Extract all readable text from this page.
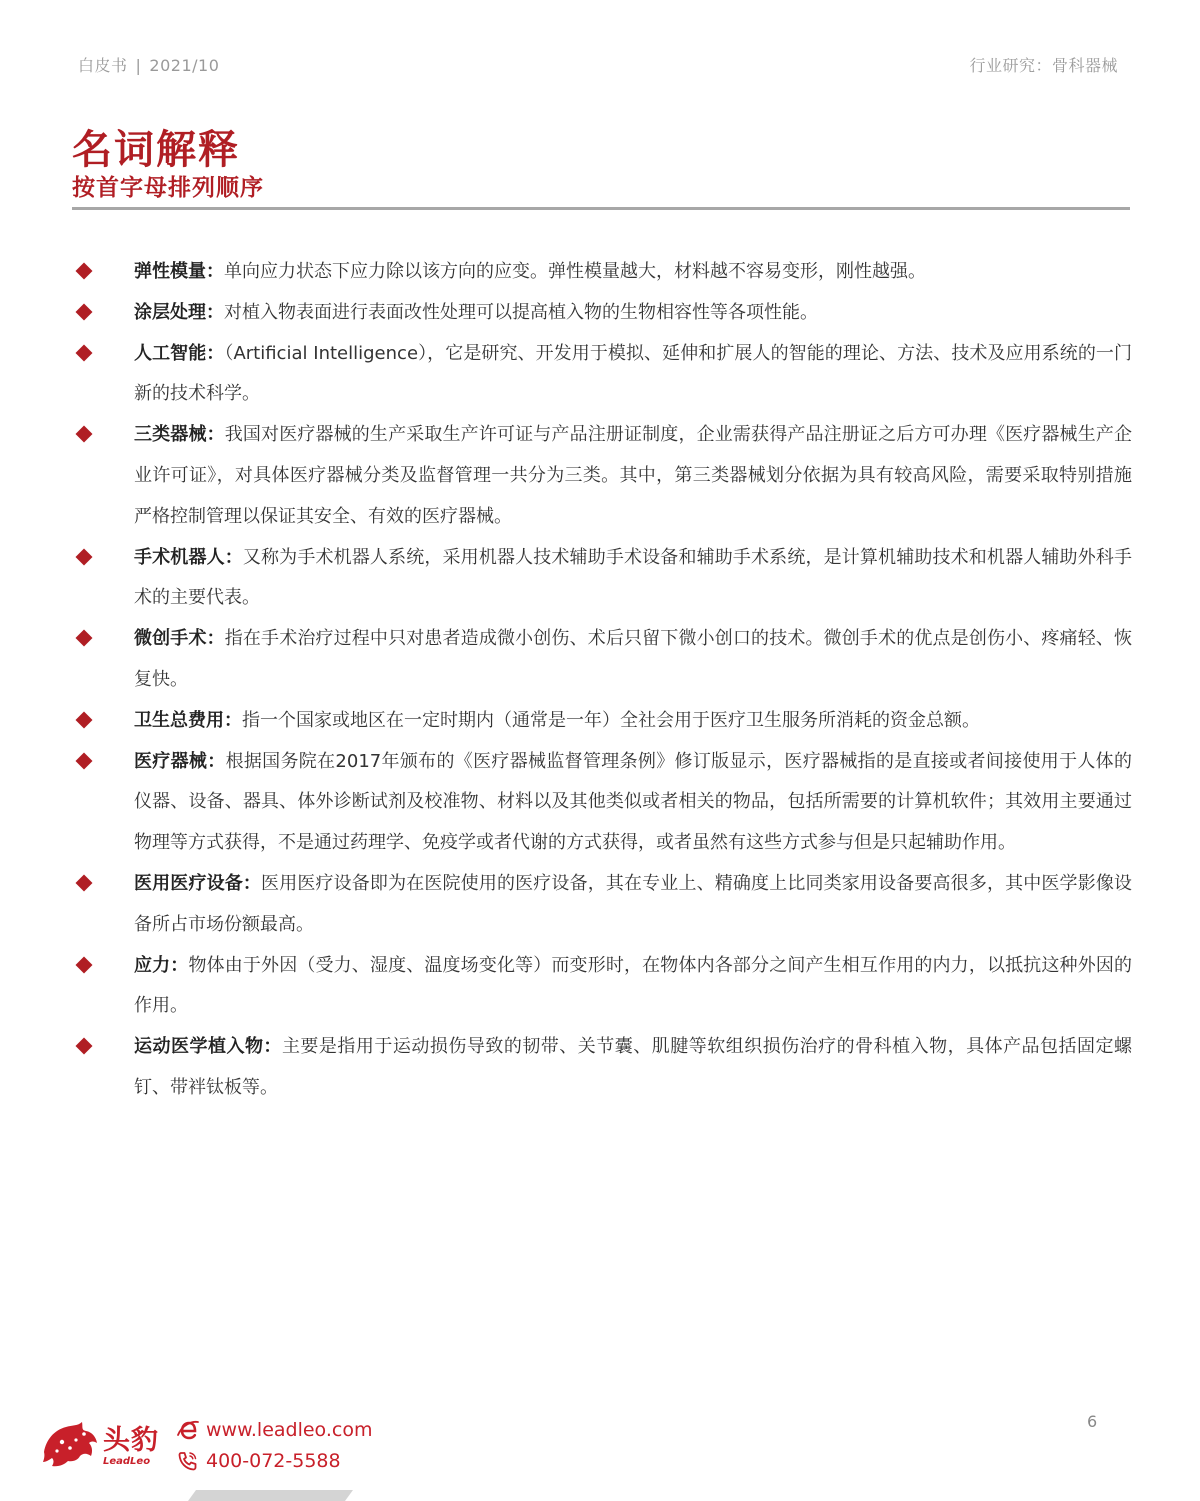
白皮书 | 2021/10	行业研究：骨科器械
名词解释
按首字母排列顺序
弹性模量：单向应力状态下应力除以该方向的应变。弹性模量越大，材料越不容易变形，刚性越强。
涂层处理：对植入物表面进行表面改性处理可以提高植入物的生物相容性等各项性能。
人工智能：（Artificial Intelligence），它是研究、开发用于模拟、延伸和扩展人的智能的理论、方法、技术及应用系统的一门新的技术科学。
三类器械：我国对医疗器械的生产采取生产许可证与产品注册证制度，企业需获得产品注册证之后方可办理《医疗器械生产企业许可证》，对具体医疗器械分类及监督管理一共分为三类。其中，第三类器械划分依据为具有较高风险，需要采取特别措施严格控制管理以保证其安全、有效的医疗器械。
手术机器人：又称为手术机器人系统，采用机器人技术辅助手术设备和辅助手术系统，是计算机辅助技术和机器人辅助外科手术的主要代表。
微创手术：指在手术治疗过程中只对患者造成微小创伤、术后只留下微小创口的技术。微创手术的优点是创伤小、疼痛轻、恢复快。
卫生总费用：指一个国家或地区在一定时期内（通常是一年）全社会用于医疗卫生服务所消耗的资金总额。
医疗器械：根据国务院在2017年颁布的《医疗器械监督管理条例》修订版显示，医疗器械指的是直接或者间接使用于人体的仪器、设备、器具、体外诊断试剂及校准物、材料以及其他类似或者相关的物品，包括所需要的计算机软件；其效用主要通过物理等方式获得，不是通过药理学、免疫学或者代谢的方式获得，或者虽然有这些方式参与但是只起辅助作用。
医用医疗设备：医用医疗设备即为在医院使用的医疗设备，其在专业上、精确度上比同类家用设备要高很多，其中医学影像设备所占市场份额最高。
应力：物体由于外因（受力、湿度、温度场变化等）而变形时，在物体内各部分之间产生相互作用的内力，以抵抗这种外因的作用。
运动医学植入物：主要是指用于运动损伤导致的韧带、关节囊、肌腱等软组织损伤治疗的骨科植入物，具体产品包括固定螺钉、带袢钛板等。
头豹
LeadLeo
www.leadleo.com
400-072-5588
6
